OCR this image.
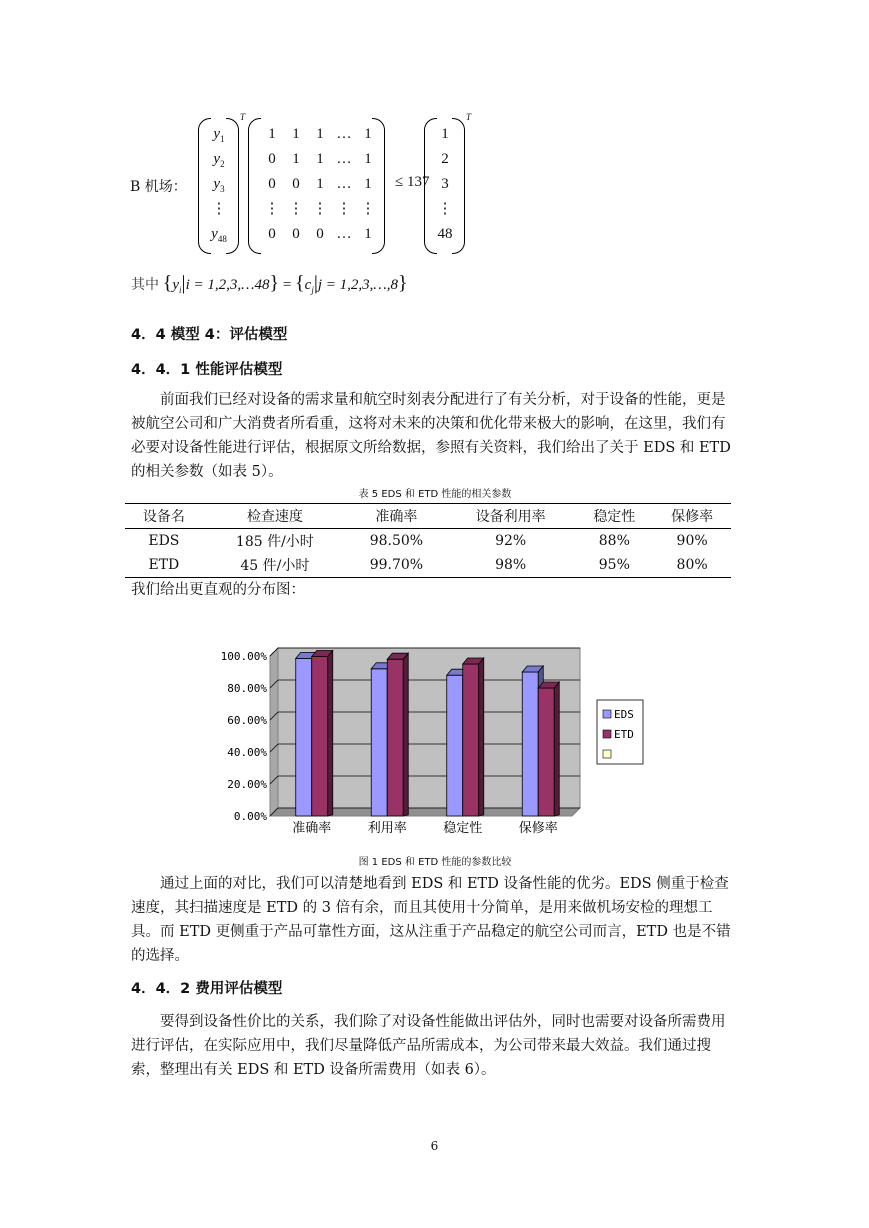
B 机场：
$y_1$
$y_2$
$y_3$
⋮
$y_{48}$
T
1	1	1 … 1
0	1	1 … 1
0	0	1 … 1
⋮ ⋮ ⋮ ⋮ ⋮
0	0	0 … 1
≤ 137
1
2
3
⋮
48
T
其中 {$y_i|i$ = 1,2,3,…48} = {$c_j|j$ = 1,2,3,…,8}
4．4 模型 4：评估模型
4．4．1 性能评估模型
前面我们已经对设备的需求量和航空时刻表分配进行了有关分析，对于设备的性能，更是被航空公司和广大消费者所看重，这将对未来的决策和优化带来极大的影响，在这里，我们有必要对设备性能进行评估，根据原文所给数据，参照有关资料，我们给出了关于 EDS 和 ETD 的相关参数（如表 5）。
表 5 EDS 和 ETD 性能的相关参数
设备名	检查速度	准确率	设备利用率	稳定性	保修率
EDS	185 件/小时	98.50%	92%	88%	90%
ETD	45 件/小时	99.70%	98%	95%	80%
我们给出更直观的分布图：
0.00%
20.00%
40.00%
60.00%
80.00%
100.00%
准确率	利用率	稳定性	保修率
EDS
ETD
图 1 EDS 和 ETD 性能的参数比较
通过上面的对比，我们可以清楚地看到 EDS 和 ETD 设备性能的优劣。EDS 侧重于检查速度，其扫描速度是 ETD 的 3 倍有余，而且其使用十分简单，是用来做机场安检的理想工具。而 ETD 更侧重于产品可靠性方面，这从注重于产品稳定的航空公司而言，ETD 也是不错的选择。
4．4．2 费用评估模型
要得到设备性价比的关系，我们除了对设备性能做出评估外，同时也需要对设备所需费用进行评估，在实际应用中，我们尽量降低产品所需成本，为公司带来最大效益。我们通过搜索，整理出有关 EDS 和 ETD 设备所需费用（如表 6）。
6
